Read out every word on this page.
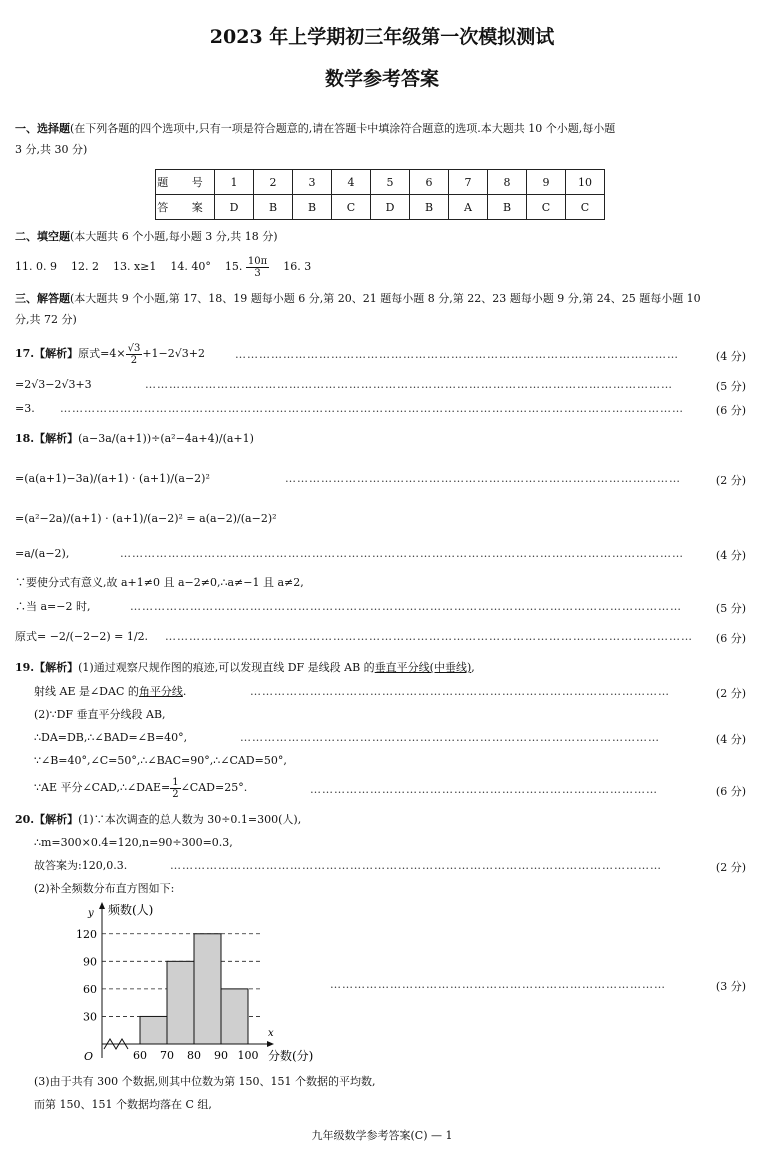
2023 年上学期初三年级第一次模拟测试
数学参考答案
一、选择题(在下列各题的四个选项中,只有一项是符合题意的,请在答题卡中填涂符合题意的选项.本大题共 10 个小题,每小题
3 分,共 30 分)
题 号	1	2	3	4	5	6	7	8	9	10
答 案	D	B	B	C	D	B	A	B	C	C
二、填空题(本大题共 6 个小题,每小题 3 分,共 18 分)
11. 0. 9 12. 2 13. x≥1 14. 40° 15. $\frac{10\pi}{3} 16$. 3
三、解答题(本大题共 9 个小题,第 17、18、19 题每小题 6 分,第 20、21 题每小题 8 分,第 22、23 题每小题 9 分,第 24、25 题每小题 10
分,共 72 分)
17.【解析】原式$=4\times \frac{√3}{2} +1-2√3+2$	…………………………………………………………………………………………………	(4 分)
=2√3−2√3+3	……………………………………………………………………………………………………………………	(5 分)
=3. …………………………………………………………………………………………………………………………………………	(6 分)
18.【解析】(a−3a/(a+1))÷(a²−4a+4)/(a+1)
=(a(a+1)−3a)/(a+1) · (a+1)/(a−2)²	………………………………………………………………………………………	(2 分)
=(a²−2a)/(a+1) · (a+1)/(a−2)² = a(a−2)/(a−2)²
=a/(a−2),	……………………………………………………………………………………………………………………………	(4 分)
∵要使分式有意义,故 a+1≠0 且 a−2≠0,∴a≠−1 且 a≠2,
∴当 a=−2 时,	…………………………………………………………………………………………………………………………	(5 分)
原式= −2/(−2−2) = 1/2. ……………………………………………………………………………………………………………………	(6 分)
19.【解析】(1)通过观察尺规作图的痕迹,可以发现直线 DF 是线段 AB 的垂直平分线(中垂线),
射线 AE 是∠DAC 的角平分线.	……………………………………………………………………………………………	(2 分)
(2)∵DF 垂直平分线段 AB,
∴DA=DB,∴∠BAD=∠B=40°,	……………………………………………………………………………………………	(4 分)
∵∠B=40°,∠C=50°,∴∠BAC=90°,∴∠CAD=50°,
∵AE 平分∠CAD,∴∠DAE= $\frac{1}{2}$ ∠CAD=25°.	……………………………………………………………………………	(6 分)
20.【解析】(1)∵本次调查的总人数为 30÷0.1=300(人),
∴m=300×0.4=120,n=90÷300=0.3,
故答案为:120,0.3.	……………………………………………………………………………………………………………	(2 分)
(2)补全频数分布直方图如下:
30
60
90
120
60 70 80 90 100
y 频数(人)
x
分数(分)
O
…………………………………………………………………………	(3 分)
(3)由于共有 300 个数据,则其中位数为第 150、151 个数据的平均数,
而第 150、151 个数据均落在 C 组,
九年级数学参考答案(C) — 1
